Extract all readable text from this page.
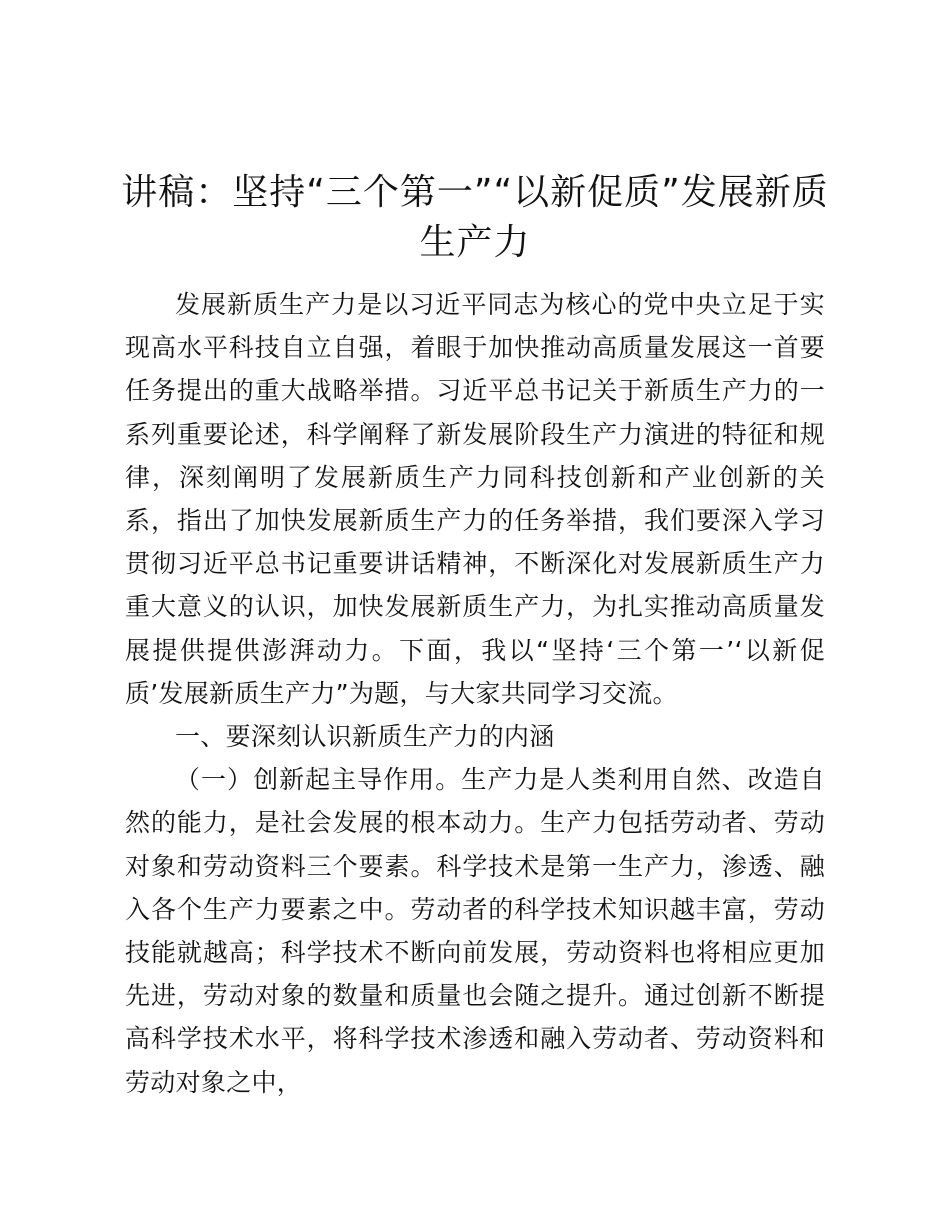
讲稿：坚持“三个第一”“以新促质”发展新质生产力

发展新质生产力是以习近平同志为核心的党中央立足于实现高水平科技自立自强，着眼于加快推动高质量发展这一首要任务提出的重大战略举措。习近平总书记关于新质生产力的一系列重要论述，科学阐释了新发展阶段生产力演进的特征和规律，深刻阐明了发展新质生产力同科技创新和产业创新的关系，指出了加快发展新质生产力的任务举措，我们要深入学习贯彻习近平总书记重要讲话精神，不断深化对发展新质生产力重大意义的认识，加快发展新质生产力，为扎实推动高质量发展提供提供澎湃动力。下面，我以“坚持‘三个第一’‘以新促质’发展新质生产力”为题，与大家共同学习交流。

一、要深刻认识新质生产力的内涵

（一）创新起主导作用。生产力是人类利用自然、改造自然的能力，是社会发展的根本动力。生产力包括劳动者、劳动对象和劳动资料三个要素。科学技术是第一生产力，渗透、融入各个生产力要素之中。劳动者的科学技术知识越丰富，劳动技能就越高；科学技术不断向前发展，劳动资料也将相应更加先进，劳动对象的数量和质量也会随之提升。通过创新不断提高科学技术水平，将科学技术渗透和融入劳动者、劳动资料和劳动对象之中，
